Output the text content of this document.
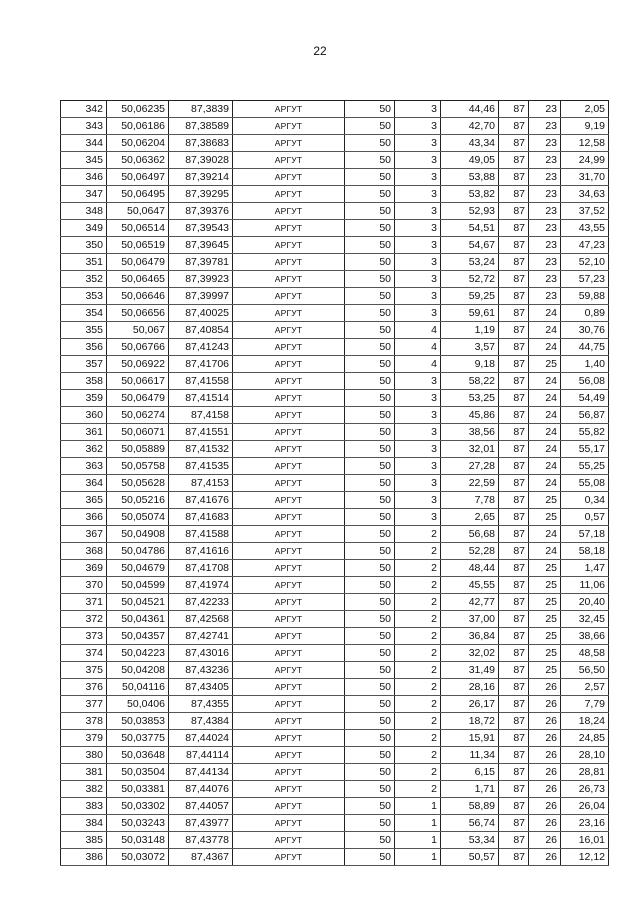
22
342	50,06235	87,3839	АРГУТ	50	3	44,46	87	23	2,05
343	50,06186	87,38589	АРГУТ	50	3	42,70	87	23	9,19
344	50,06204	87,38683	АРГУТ	50	3	43,34	87	23	12,58
345	50,06362	87,39028	АРГУТ	50	3	49,05	87	23	24,99
346	50,06497	87,39214	АРГУТ	50	3	53,88	87	23	31,70
347	50,06495	87,39295	АРГУТ	50	3	53,82	87	23	34,63
348	50,0647	87,39376	АРГУТ	50	3	52,93	87	23	37,52
349	50,06514	87,39543	АРГУТ	50	3	54,51	87	23	43,55
350	50,06519	87,39645	АРГУТ	50	3	54,67	87	23	47,23
351	50,06479	87,39781	АРГУТ	50	3	53,24	87	23	52,10
352	50,06465	87,39923	АРГУТ	50	3	52,72	87	23	57,23
353	50,06646	87,39997	АРГУТ	50	3	59,25	87	23	59,88
354	50,06656	87,40025	АРГУТ	50	3	59,61	87	24	0,89
355	50,067	87,40854	АРГУТ	50	4	1,19	87	24	30,76
356	50,06766	87,41243	АРГУТ	50	4	3,57	87	24	44,75
357	50,06922	87,41706	АРГУТ	50	4	9,18	87	25	1,40
358	50,06617	87,41558	АРГУТ	50	3	58,22	87	24	56,08
359	50,06479	87,41514	АРГУТ	50	3	53,25	87	24	54,49
360	50,06274	87,4158	АРГУТ	50	3	45,86	87	24	56,87
361	50,06071	87,41551	АРГУТ	50	3	38,56	87	24	55,82
362	50,05889	87,41532	АРГУТ	50	3	32,01	87	24	55,17
363	50,05758	87,41535	АРГУТ	50	3	27,28	87	24	55,25
364	50,05628	87,4153	АРГУТ	50	3	22,59	87	24	55,08
365	50,05216	87,41676	АРГУТ	50	3	7,78	87	25	0,34
366	50,05074	87,41683	АРГУТ	50	3	2,65	87	25	0,57
367	50,04908	87,41588	АРГУТ	50	2	56,68	87	24	57,18
368	50,04786	87,41616	АРГУТ	50	2	52,28	87	24	58,18
369	50,04679	87,41708	АРГУТ	50	2	48,44	87	25	1,47
370	50,04599	87,41974	АРГУТ	50	2	45,55	87	25	11,06
371	50,04521	87,42233	АРГУТ	50	2	42,77	87	25	20,40
372	50,04361	87,42568	АРГУТ	50	2	37,00	87	25	32,45
373	50,04357	87,42741	АРГУТ	50	2	36,84	87	25	38,66
374	50,04223	87,43016	АРГУТ	50	2	32,02	87	25	48,58
375	50,04208	87,43236	АРГУТ	50	2	31,49	87	25	56,50
376	50,04116	87,43405	АРГУТ	50	2	28,16	87	26	2,57
377	50,0406	87,4355	АРГУТ	50	2	26,17	87	26	7,79
378	50,03853	87,4384	АРГУТ	50	2	18,72	87	26	18,24
379	50,03775	87,44024	АРГУТ	50	2	15,91	87	26	24,85
380	50,03648	87,44114	АРГУТ	50	2	11,34	87	26	28,10
381	50,03504	87,44134	АРГУТ	50	2	6,15	87	26	28,81
382	50,03381	87,44076	АРГУТ	50	2	1,71	87	26	26,73
383	50,03302	87,44057	АРГУТ	50	1	58,89	87	26	26,04
384	50,03243	87,43977	АРГУТ	50	1	56,74	87	26	23,16
385	50,03148	87,43778	АРГУТ	50	1	53,34	87	26	16,01
386	50,03072	87,4367	АРГУТ	50	1	50,57	87	26	12,12
